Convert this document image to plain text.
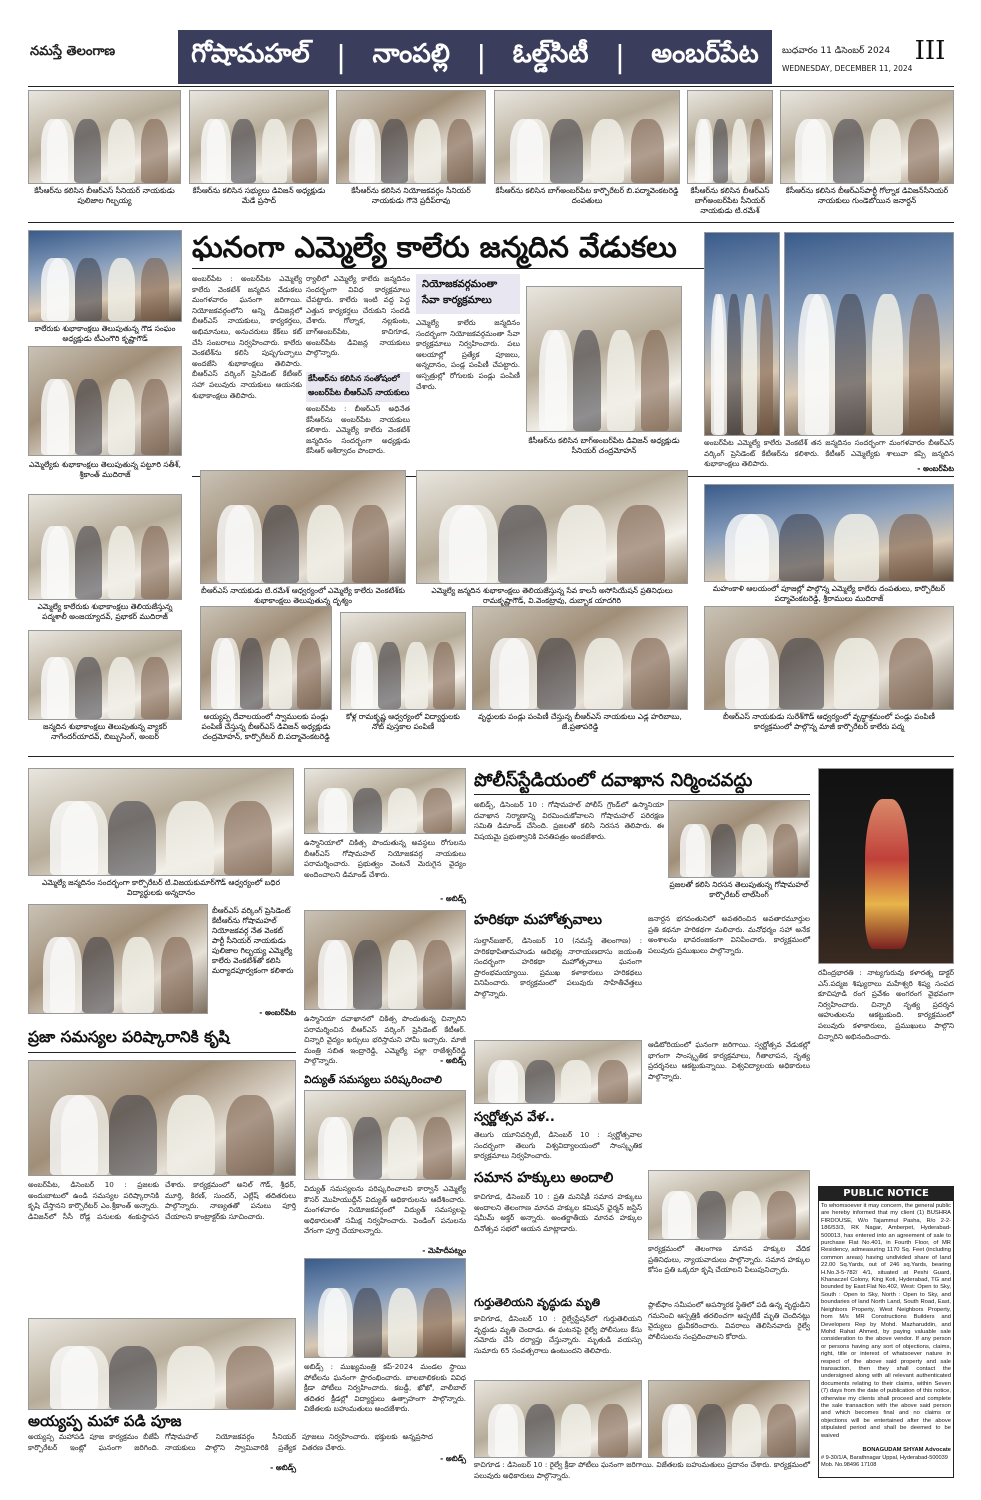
నమస్తే తెలంగాణ	గోషామహల్ | నాంపల్లి | ఓల్డ్‌సిటీ | అంబర్‌పేట	బుధవారం 11 డిసెంబర్ 2024
WEDNESDAY, DECEMBER 11, 2024
III
కేసీఆర్‌ను కలిసిన బీఆర్‌ఎస్ సీనియర్ నాయకుడు పులిజాల గిల్బయ్య
కేసీఆర్‌ను కలిసిన సభ్యులు డివిజన్ అధ్యక్షుడు మేడే ప్రసాద్
కేసీఆర్‌ను కలిసిన నియోజకవర్గం సీనియర్ నాయకుడు గౌనె ప్రదీప్‌రావు
కేసీఆర్‌ను కలిసిన బాగ్‌అంబర్‌పేట కార్పొరేటర్ బి.పద్మావెంకటరెడ్డి దంపతులు
కేసీఆర్‌ను కలిసిన బీఆర్‌ఎస్ బాగ్‌అంబర్‌పేట సీనియర్ నాయకుడు టి.రమేశ్
కేసీఆర్‌ను కలిసిన బీఆర్‌ఎస్‌పార్టీ గోల్నాక డివిజన్‌సీనియర్ నాయకులు గుండెబోయిన జనార్దన్
కాలేరుకు శుభాకాంక్షలు తెలుపుతున్న గౌడ సంఘం అధ్యక్షుడు టీఎంగౌరి కృష్ణాగౌడ్
ఎమ్మెల్యేకు శుభాకాంక్షలు తెలుపుతున్న పట్టూరి సతీశ్, శ్రీకాంత్ ముదిరాజ్
ఎమ్మెల్యే కాలేరుకు శుభాకాంక్షలు తెలియజేస్తున్న పద్మశాలీ అంజయ్యాదవ్, ప్రభాకర్ ముదిరాజ్
జన్మదిన శుభాకాంక్షలు తెలుపుతున్న వ్యాకర్ నాగేందర్‌యాదవ్, బిబ్బుసింగ్, అంబర్
ఘనంగా ఎమ్మెల్యే కాలేరు జన్మదిన వేడుకలు
అంబర్‌పేట : అంబర్‌పేట ఎమ్మెల్యే కాలేరు వెంకటేశ్ జన్మదిన వేడుకలు మంగళవారం ఘనంగా జరిగాయి. నియోజకవర్గంలోని అన్ని డివిజన్లలో బీఆర్‌ఎస్ నాయకులు, కార్యకర్తలు, అభిమానులు, అనుచరులు కేక్‌లు కట్ చేసి సంబరాలు నిర్వహించారు. కాలేరు వెంకటేశ్‌ను కలిసి పుష్పగుచ్ఛాలు అందజేసి శుభాకాంక్షలు తెలిపారు. బీఆర్‌ఎస్ వర్కింగ్ ప్రెసిడెంట్ కేటీఆర్ సహా పలువురు నాయకులు ఆయనకు శుభాకాంక్షలు తెలిపారు.
ర్యాలీలో ఎమ్మెల్యే కాలేరు జన్మదినం సందర్భంగా వివిధ కార్యక్రమాలు చేపట్టారు. కాలేరు ఇంటి వద్ద పెద్ద ఎత్తున కార్యకర్తలు చేరుకుని సందడి చేశారు. గోల్నాక, నల్లకుంట, బాగ్‌అంబర్‌పేట, కాచిగూడ, అంబర్‌పేట డివిజన్ల నాయకులు పాల్గొన్నారు.
కేసీఆర్‌ను కలిసిన సంతోషంలో
అంబర్‌పేట బీఆర్‌ఎస్ నాయకులు
అంబర్‌పేట : బీఆర్‌ఎస్ అధినేత కేసీఆర్‌ను అంబర్‌పేట నాయకులు కలిశారు. ఎమ్మెల్యే కాలేరు వెంకటేశ్ జన్మదినం సందర్భంగా అధ్యక్షుడు కేసీఆర్ ఆశీర్వాదం పొందారు.
నియోజకవర్గమంతా
సేవా కార్యక్రమాలు
ఎమ్మెల్యే కాలేరు జన్మదినం సందర్భంగా నియోజకవర్గమంతా సేవా కార్యక్రమాలు నిర్వహించారు. పలు ఆలయాల్లో ప్రత్యేక పూజలు, అన్నదానం, పండ్ల పంపిణీ చేపట్టారు. ఆస్పత్రుల్లో రోగులకు పండ్లు పంపిణీ చేశారు.
కేసీఆర్‌ను కలిసిన బాగ్‌అంబర్‌పేట డివిజన్ అధ్యక్షుడు సీనియర్ చంద్రమోహన్
అంబర్‌పేట ఎమ్మెల్యే కాలేరు వెంకటేశ్ తన జన్మదినం సందర్భంగా మంగళవారం బీఆర్‌ఎస్ వర్కింగ్ ప్రెసిడెంట్ కేటీఆర్‌ను కలిశారు. కేటీఆర్ ఎమ్మెల్యేకు శాలువా కప్పి జన్మదిన శుభాకాంక్షలు తెలిపారు.
- అంబర్‌పేట
బీఆర్‌ఎస్ నాయకుడు టి.రమేశ్ ఆధ్వర్యంలో ఎమ్మెల్యే కాలేరు వెంకటేశ్‌కు శుభాకాంక్షలు తెలుపుతున్న దృశ్యం
ఎమ్మెల్యే జన్మదిన శుభాకాంక్షలు తెలియజేస్తున్న సేవ కాలనీ అసోసియేషన్ ప్రతినిధులు రామకృష్ణాగౌడ్, వి.వెంకట్రావు, దుబ్బాక యాదగిరి
మహంకాళి ఆలయంలో పూజల్లో పాల్గొన్న ఎమ్మెల్యే కాలేరు దంపతులు, కార్పొరేటర్ పద్మావెంకటరెడ్డి, శ్రీరాములు ముదిరాజ్
అయ్యప్ప దేవాలయంలో స్వాములకు పండ్లు పంపిణీ చేస్తున్న బీఆర్‌ఎస్ డివిజన్ అధ్యక్షుడు చంద్రమోహన్, కార్పొరేటర్ బి.పద్మావెంకటరెడ్డి
కోళ్ల రామకృష్ణ ఆధ్వర్యంలో విద్యార్థులకు నోట్ పుస్తకాల పంపిణీ
వృద్ధులకు పండ్లు పంపిణీ చేస్తున్న బీఆర్‌ఎస్ నాయకులు ఎడ్ల హరిబాబు, జే.ప్రతాపరెడ్డి
బీఆర్‌ఎస్ నాయకుడు సురేశ్‌గౌడ్ ఆధ్వర్యంలో వృద్ధాశ్రమంలో పండ్లు పంపిణీ కార్యక్రమంలో పాల్గొన్న మాజీ కార్పొరేటర్ కాలేరు పద్మ
ఎమ్మెల్యే జన్మదినం సందర్భంగా కార్పొరేటర్ టి.విజయకుమార్‌గౌడ్ ఆధ్వర్యంలో బధిర విద్యార్థులకు అన్నదానం
బీఆర్‌ఎస్ వర్కింగ్ ప్రెసిడెంట్ కేటీఆర్‌ను గోషామహల్ నియోజకవర్గ నేత వెంకట్ పార్టీ సీనియర్ నాయకుడు పులిజాల గిల్బయ్య ఎమ్మెల్యే కాలేరు వెంకటేశ్‌తో కలిసి మర్యాదపూర్వకంగా కలిశారు
- అంబర్‌పేట
ప్రజా సమస్యల పరిష్కారానికి కృషి
అంబర్‌పేట, డిసెంబర్ 10 : ప్రజలకు అందుబాటులో ఉండి సమస్యల పరిష్కారానికి కృషి చేస్తానని కార్పొరేటర్ ఎం.శ్రీకాంత్ అన్నారు. డివిజన్‌లో సీసీ రోడ్ల పనులకు శంకుస్థాపన చేశారు. కార్యక్రమంలో అనిల్ గౌడ్, శ్రీధర్, మూర్తి, కిరణ్, సుందర్, ఎల్లేష్ తదితరులు పాల్గొన్నారు. నాణ్యతతో పనులు పూర్తి చేయాలని కాంట్రాక్టర్‌కు సూచించారు.
అయ్యప్ప మహా పడి పూజ
అయ్యప్ప మహాపడి పూజ కార్యక్రమం బీజేపీ కార్పొరేటర్ ఇంట్లో ఘనంగా జరిగింది. గోషామహల్ నియోజకవర్గం సీనియర్ నాయకులు పాల్గొని స్వామివారికి ప్రత్యేక పూజలు నిర్వహించారు. భక్తులకు అన్నప్రసాద వితరణ చేశారు.
- అబిడ్స్
ఉస్మానియాలో చికిత్స పొందుతున్న అవస్థలు రోగులను బీఆర్‌ఎస్ గోషామహల్ నియోజకవర్గ నాయకులు పరామర్శించారు. ప్రభుత్వం వెంటనే మెరుగైన వైద్యం అందించాలని డిమాండ్ చేశారు.
- అబిడ్స్
ఉస్మానియా దవాఖానలో చికిత్స పొందుతున్న చిన్నారిని పరామర్శించిన బీఆర్‌ఎస్ వర్కింగ్ ప్రెసిడెంట్ కేటీఆర్. చిన్నారి వైద్యం ఖర్చులు భరిస్తామని హామీ ఇచ్చారు. మాజీ మంత్రి సబిత ఇంద్రారెడ్డి, ఎమ్మెల్యే పల్లా రాజేశ్వర్‌రెడ్డి పాల్గొన్నారు.	- అబిడ్స్
విద్యుత్ సమస్యలు పరిష్కరించాలి
విద్యుత్ సమస్యలను పరిష్కరించాలని కార్వాన్ ఎమ్మెల్యే కౌసర్ మొహియుద్దీన్ విద్యుత్ అధికారులను ఆదేశించారు. మంగళవారం నియోజకవర్గంలో విద్యుత్ సమస్యలపై అధికారులతో సమీక్ష నిర్వహించారు. పెండింగ్ పనులను వేగంగా పూర్తి చేయాలన్నారు.
- మెహిదీపట్నం
అబిడ్స్ : ముఖ్యమంత్రి కప్-2024 మండల స్థాయి పోటీలను ఘనంగా ప్రారంభించారు. బాలబాలికలకు వివిధ క్రీడా పోటీలు నిర్వహించారు. కబడ్డీ, ఖోఖో, వాలీబాల్ తదితర క్రీడల్లో విద్యార్థులు ఉత్సాహంగా పాల్గొన్నారు. విజేతలకు బహుమతులు అందజేశారు.
- అబిడ్స్
పోలీస్‌స్టేడియంలో దవాఖాన నిర్మించవద్దు
అబిడ్స్, డిసెంబర్ 10 : గోషామహల్ పోలీస్ గ్రౌండ్‌లో ఉస్మానియా దవాఖాన నిర్మాణాన్ని విరమించుకోవాలని గోషామహల్ పరిరక్షణ సమితి డిమాండ్ చేసింది. ప్రజలతో కలిసి నిరసన తెలిపారు. ఈ విషయమై ప్రభుత్వానికి వినతిపత్రం అందజేశారు.
ప్రజలతో కలిసి నిరసన తెలుపుతున్న గోషామహల్ కార్పొరేటర్ లాల్‌సింగ్
హరికథా మహోత్సవాలు
సుల్తాన్‌బజార్, డిసెంబర్ 10 (నమస్తే తెలంగాణ) : హరికథాపితామహుడు ఆదిభట్ల నారాయణదాసు జయంతి సందర్భంగా హరికథా మహోత్సవాలు ఘనంగా ప్రారంభమయ్యాయి. ప్రముఖ కళాకారులు హరికథలు వినిపించారు. కార్యక్రమంలో పలువురు సాహితీవేత్తలు పాల్గొన్నారు.
జనార్దన భగవంతునిలో అవతరించిన అవతారమూర్తుల ప్రతి కథనూ హరికథగా మలిచారు. మనోధర్మం సహా అనేక అంశాలను భావరంజకంగా వినిపించారు. కార్యక్రమంలో పలువురు ప్రముఖులు పాల్గొన్నారు.
స్వర్ణోత్సవ వేళ..
తెలుగు యూనివర్సిటీ, డిసెంబర్ 10 : స్వర్ణోత్సవాల సందర్భంగా తెలుగు విశ్వవిద్యాలయంలో సాంస్కృతిక కార్యక్రమాలు నిర్వహించారు.
ఆడిటోరియంలో ఘనంగా జరిగాయి. స్వర్ణోత్సవ వేడుకల్లో భాగంగా సాంస్కృతిక కార్యక్రమాలు, గీతాలాపన, నృత్య ప్రదర్శనలు ఆకట్టుకున్నాయి. విశ్వవిద్యాలయ అధికారులు పాల్గొన్నారు.
సమాన హక్కులు అందాలి
కాచిగూడ, డిసెంబర్ 10 : ప్రతి మనిషికీ సమాన హక్కులు అందాలని తెలంగాణ మానవ హక్కుల కమిషన్ ఛైర్మన్ జస్టిస్ షమీమ్ అక్తర్ అన్నారు. అంతర్జాతీయ మానవ హక్కుల దినోత్సవ సభలో ఆయన మాట్లాడారు.
కార్యక్రమంలో తెలంగాణ మానవ హక్కుల వేదిక ప్రతినిధులు, న్యాయవాదులు పాల్గొన్నారు. సమాన హక్కుల కోసం ప్రతి ఒక్కరూ కృషి చేయాలని పిలుపునిచ్చారు.
గుర్తుతెలియని వృద్ధుడు మృతి
కాచిగూడ, డిసెంబర్ 10 : రైల్వేస్టేషన్‌లో గుర్తుతెలియని వృద్ధుడు మృతి చెందాడు. ఈ ఘటనపై రైల్వే పోలీసులు కేసు నమోదు చేసి దర్యాప్తు చేస్తున్నారు. మృతుడి వయస్సు సుమారు 65 సంవత్సరాలు ఉంటుందని తెలిపారు.
ప్లాట్‌ఫాం సమీపంలో అపస్మారక స్థితిలో పడి ఉన్న వృద్ధుడిని గమనించి ఆస్పత్రికి తరలించగా అప్పటికే మృతి చెందినట్లు వైద్యులు ధ్రువీకరించారు. వివరాలు తెలిసినవారు రైల్వే పోలీసులను సంప్రదించాలని కోరారు.
కాచిగూడ : డిసెంబర్ 10 : రైల్వే క్రీడా పోటీలు ఘనంగా జరిగాయి. విజేతలకు బహుమతులు ప్రదానం చేశారు. కార్యక్రమంలో పలువురు అధికారులు పాల్గొన్నారు.
రవీంద్రభారతి : నాట్యగురువు కళారత్న డాక్టర్ ఎస్.పద్మజ శిష్యురాలు మహేశ్వరి శిష్య సంపద కూచిపూడి రంగ ప్రవేశం అంగరంగ వైభవంగా నిర్వహించారు. చిన్నారి నృత్య ప్రదర్శన ఆహుతులను ఆకట్టుకుంది. కార్యక్రమంలో పలువురు కళాకారులు, ప్రముఖులు పాల్గొని చిన్నారిని అభినందించారు.
PUBLIC NOTICE
To whomsoever it may concern, the general public are hereby informed that my client (1) BUSHRA FIRDOUSE, W/o Tajammul Pasha, R/o 2-2-186/53/3, RK Nagar, Amberpet, Hyderabad-500013, has entered into an agreement of sale to purchase Flat No.401, in Fourth Floor, of MR Residency, admeasuring 1170 Sq. Feet (including common areas) having undivided share of land 22.00 Sq.Yards, out of 246 sq.Yards, bearing H.No.3-5-782/ 4/1, situated at Peshi Guard, Khanaczel Colony, King Koti, Hyderabad, TG and bounded by East:Flat No.402, West: Open to Sky, South : Open to Sky, North : Open to Sky, and boundaries of land North Land, South Road, East, Neighbors Property, West Neighbors Property, from M/s MR Constructions Builders and Developers Rep by Mohd. Mazharuddin, and Mohd Rahat Ahmed, by paying valuable sale consideration to the above vendor. If any person or persons having any sort of objections, claims, right, title or interest of whatsoever nature in respect of the above said property and sale transaction, then they shall contact the undersigned along with all relevant authenticated documents relating to their claims, within Seven (7) days from the date of publication of this notice, otherwise my clients shall proceed and complete the sale transaction with the above said person and which becomes final and no claims or objections will be entertained after the above stipulated period and shall be deemed to be waived
BONAGUDAM SHYAM Advocate
# 9-30/1/A, Barathnagar Uppal, Hyderabad-500039 Mob. No.98496 17108
